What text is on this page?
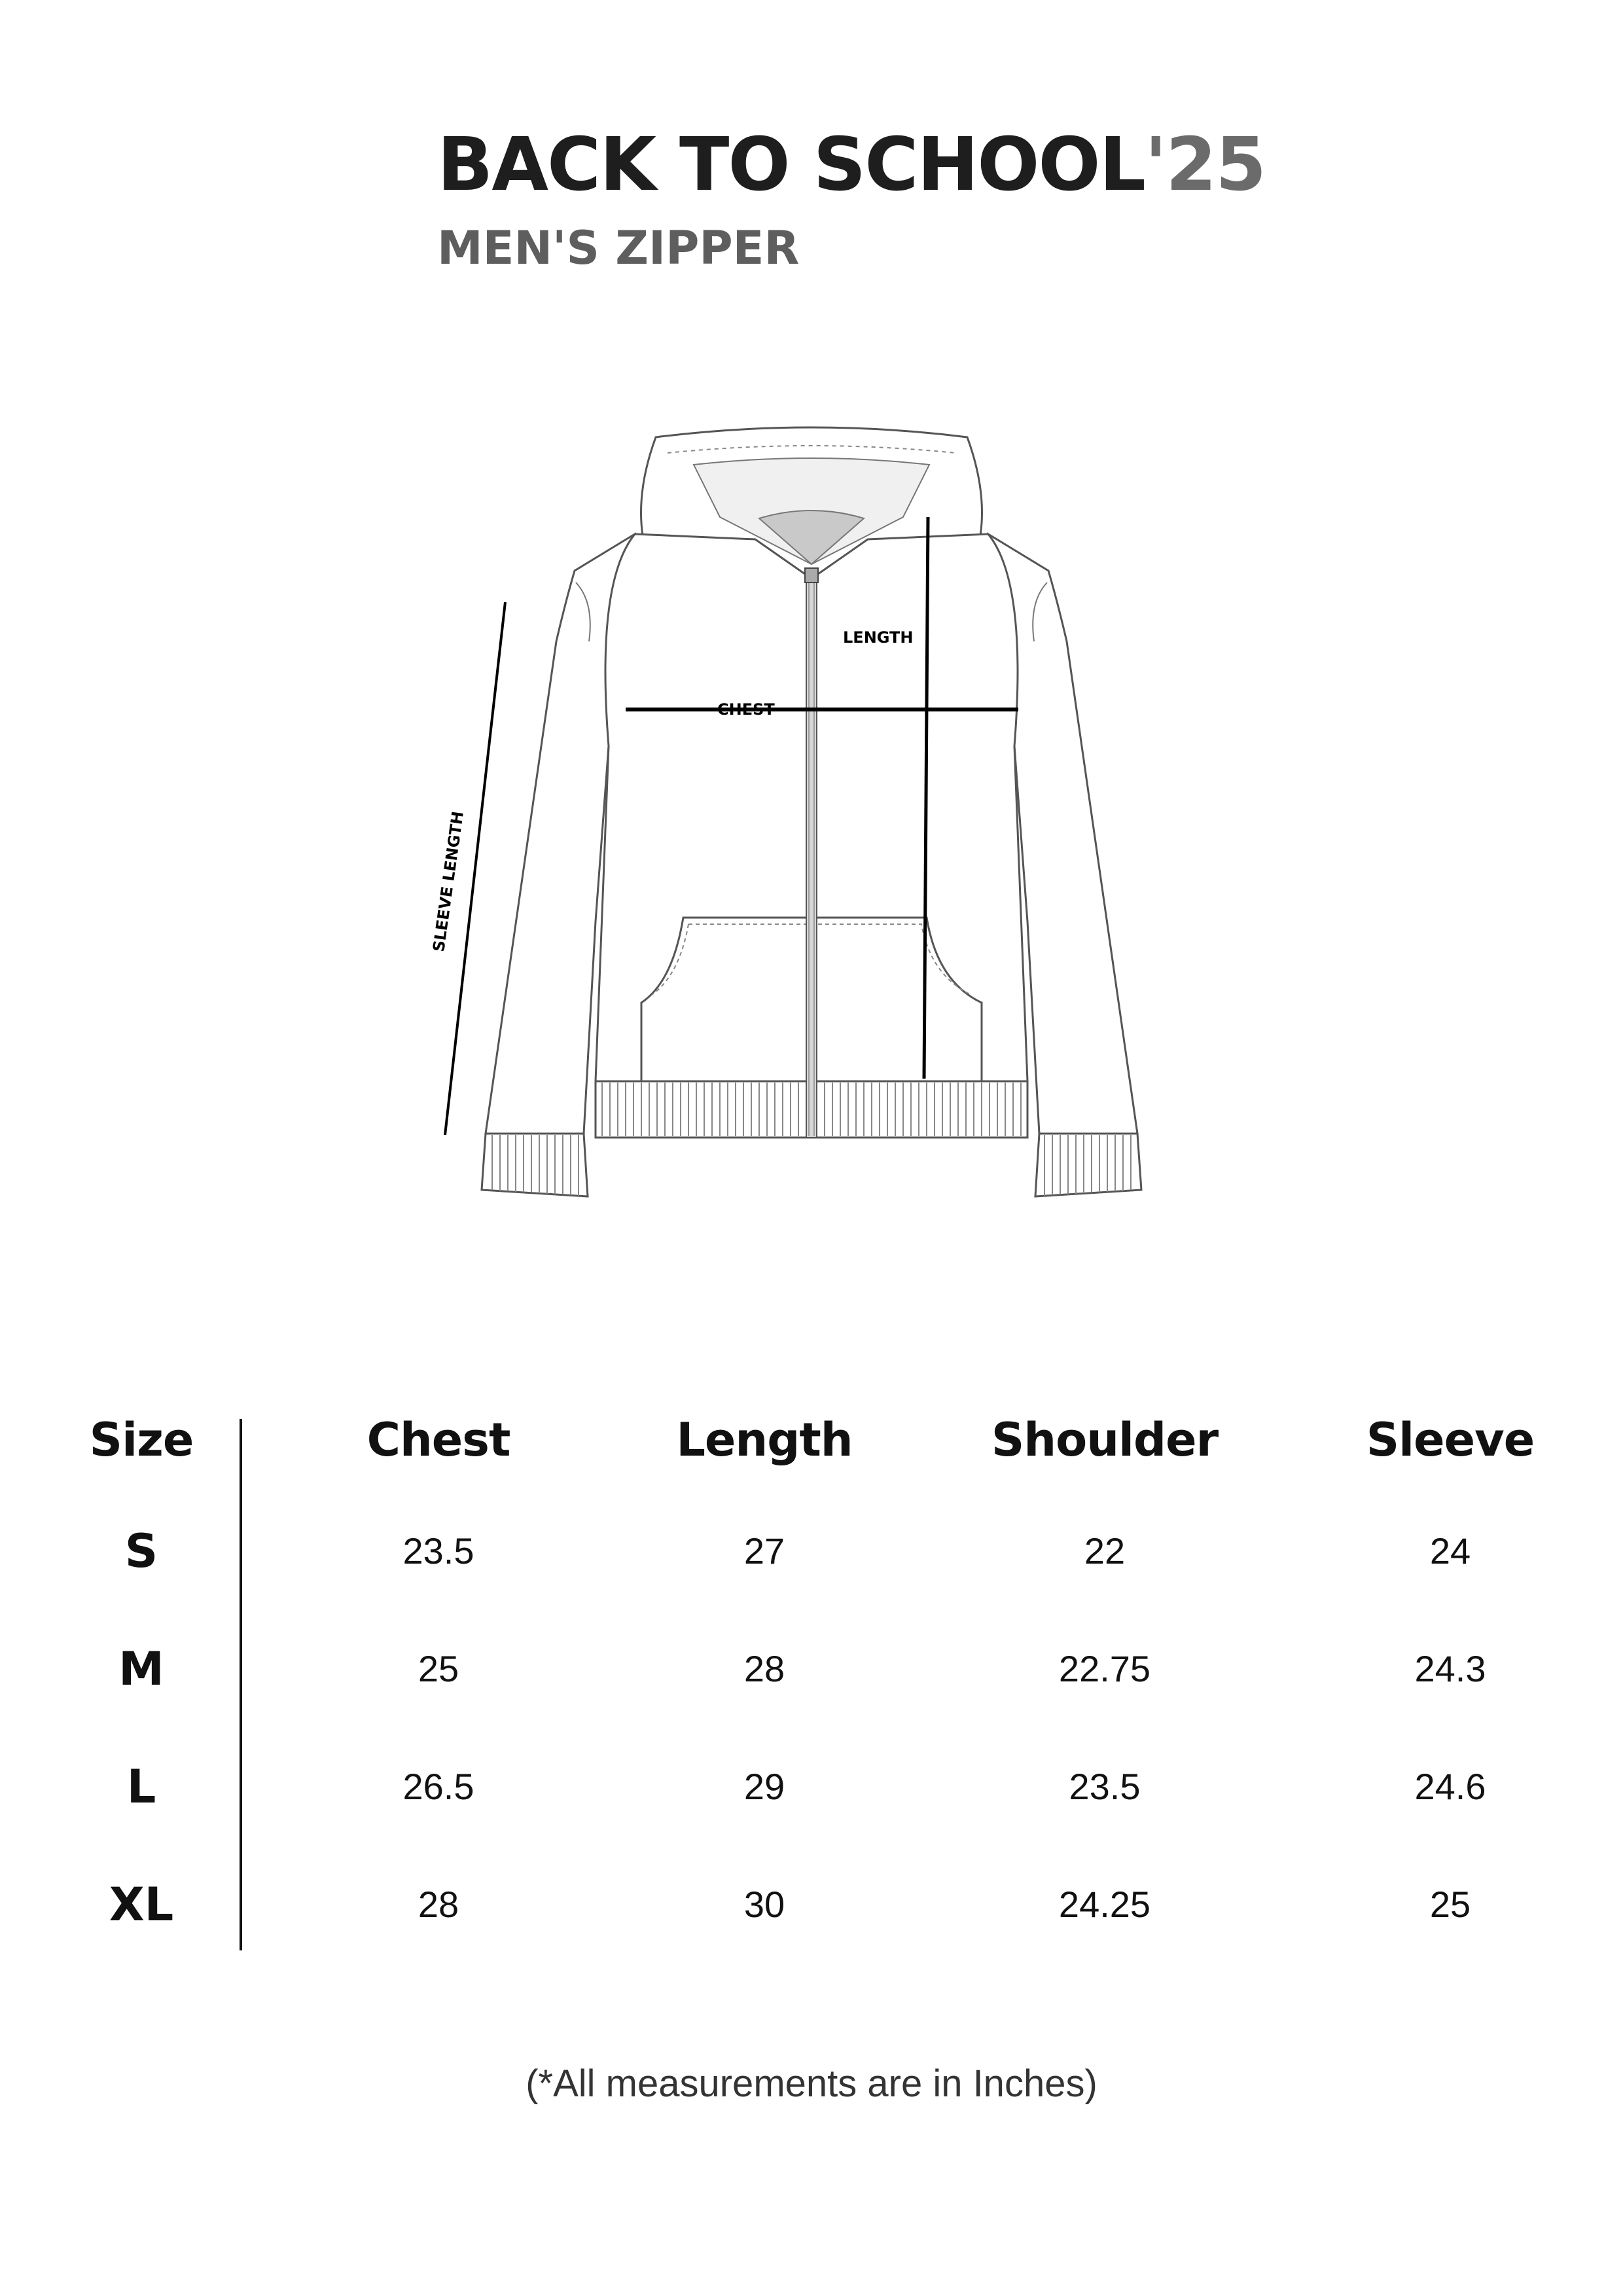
BACK TO SCHOOL'25
MEN'S ZIPPER
LENGTH
CHEST
SLEEVE LENGTH
Size	Chest	Length	Shoulder	Sleeve
S	23.5	27	22	24
M	25	28	22.75	24.3
L	26.5	29	23.5	24.6
XL	28	30	24.25	25
(*All measurements are in Inches)
